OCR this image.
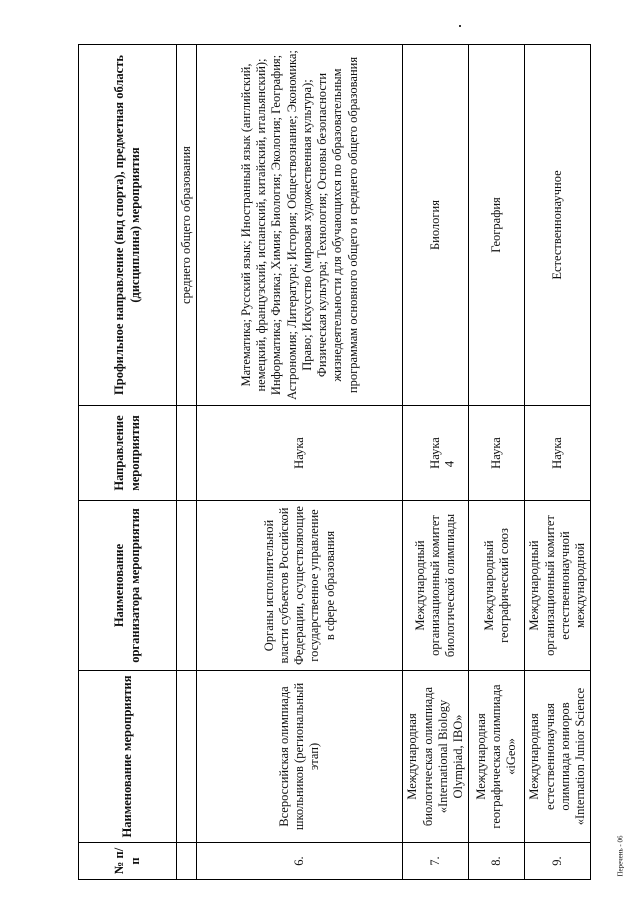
4
№ п/п	Наименование мероприятия	Наименование организатора мероприятия	Направление мероприятия	Профильное направление (вид спорта), предметная область (дисциплина) мероприятия
				среднего общего образования
6.	Всероссийская олимпиада школьников (региональный этап)	Органы исполнительной власти субъектов Российской Федерации, осуществляющие государственное управление в сфере образования	Наука	Математика; Русский язык; Иностранный язык (английский, немецкий, французский, испанский, китайский, итальянский); Информатика; Физика; Химия; Биология; Экология; География; Астрономия; Литература; История; Обществознание; Экономика; Право; Искусство (мировая художественная культура); Физическая культура; Технология; Основы безопасности жизнедеятельности для обучающихся по образовательным программам основного общего и среднего общего образования
7.	Международная биологическая олимпиада «International Biology Olympiad, IBO»	Международный организационный комитет биологической олимпиады	Наука	Биология
8.	Международная географическая олимпиада «iGeo»	Международный географический союз	Наука	География
9.	Международная естественнонаучная олимпиада юниоров «Internation Junior Science	Международный организационный комитет естественнонаучной международной	Наука	Естественнонаучное
Перечень - 06
